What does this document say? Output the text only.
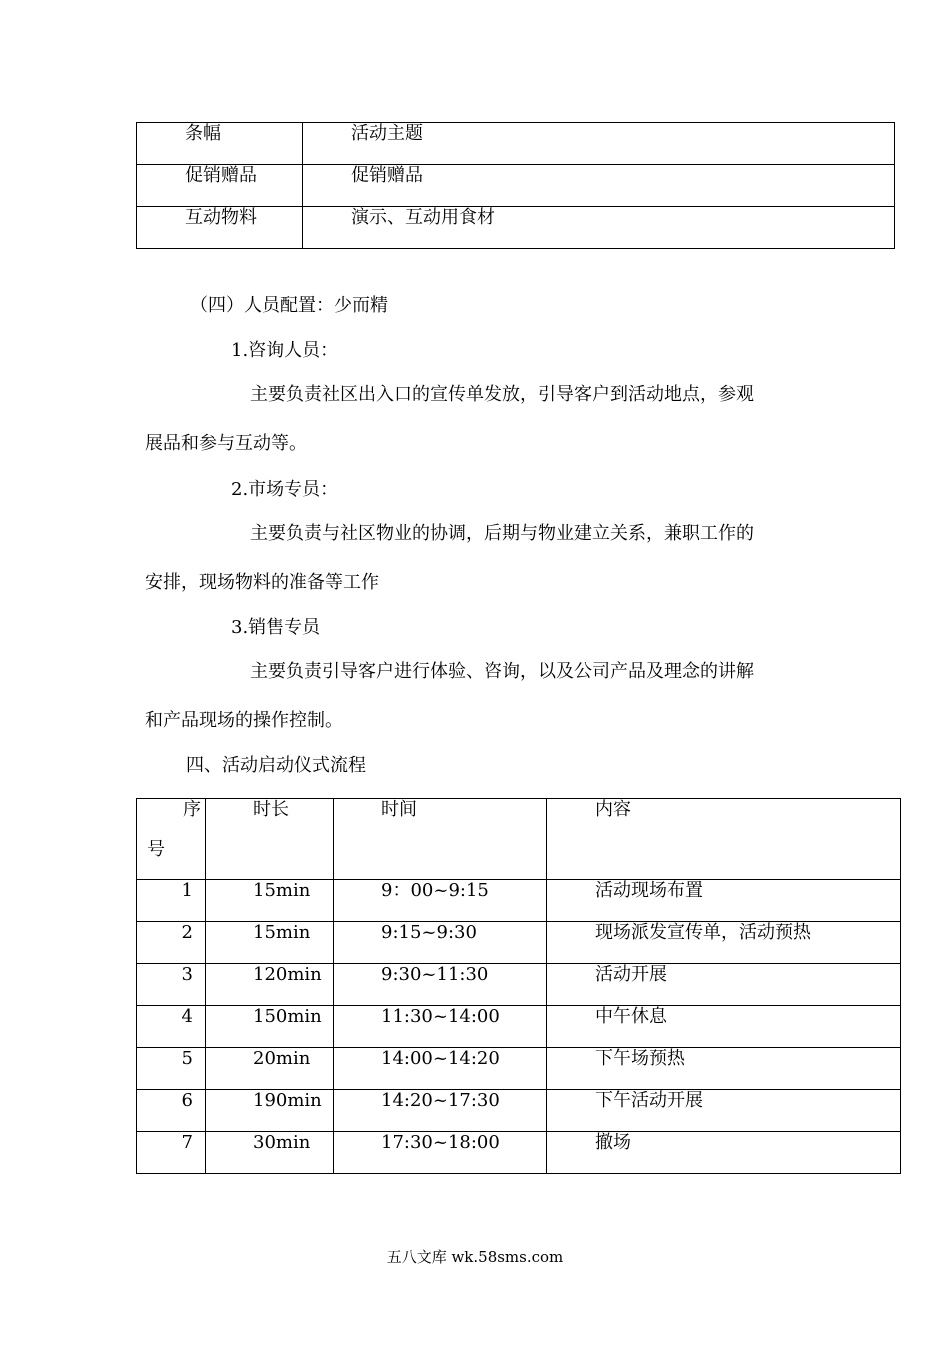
条幅	活动主题

促销赠品	促销赠品

互动物料	演示、互动用食材
（四）人员配置：少而精
1.咨询人员：
主要负责社区出入口的宣传单发放，引导客户到活动地点，参观
展品和参与互动等。
2.市场专员：
主要负责与社区物业的协调，后期与物业建立关系，兼职工作的
安排，现场物料的准备等工作
3.销售专员
主要负责引导客户进行体验、咨询，以及公司产品及理念的讲解
和产品现场的操作控制。
四、活动启动仪式流程
序
号	时长	时间	内容

1	15min	9：00~9:15	活动现场布置

2	15min	9:15~9:30	现场派发宣传单，活动预热

3	120min	9:30~11:30	活动开展

4	150min	11:30~14:00	中午休息

5	20min	14:00~14:20	下午场预热

6	190min	14:20~17:30	下午活动开展

7	30min	17:30~18:00	撤场
五八文库 wk.58sms.com
